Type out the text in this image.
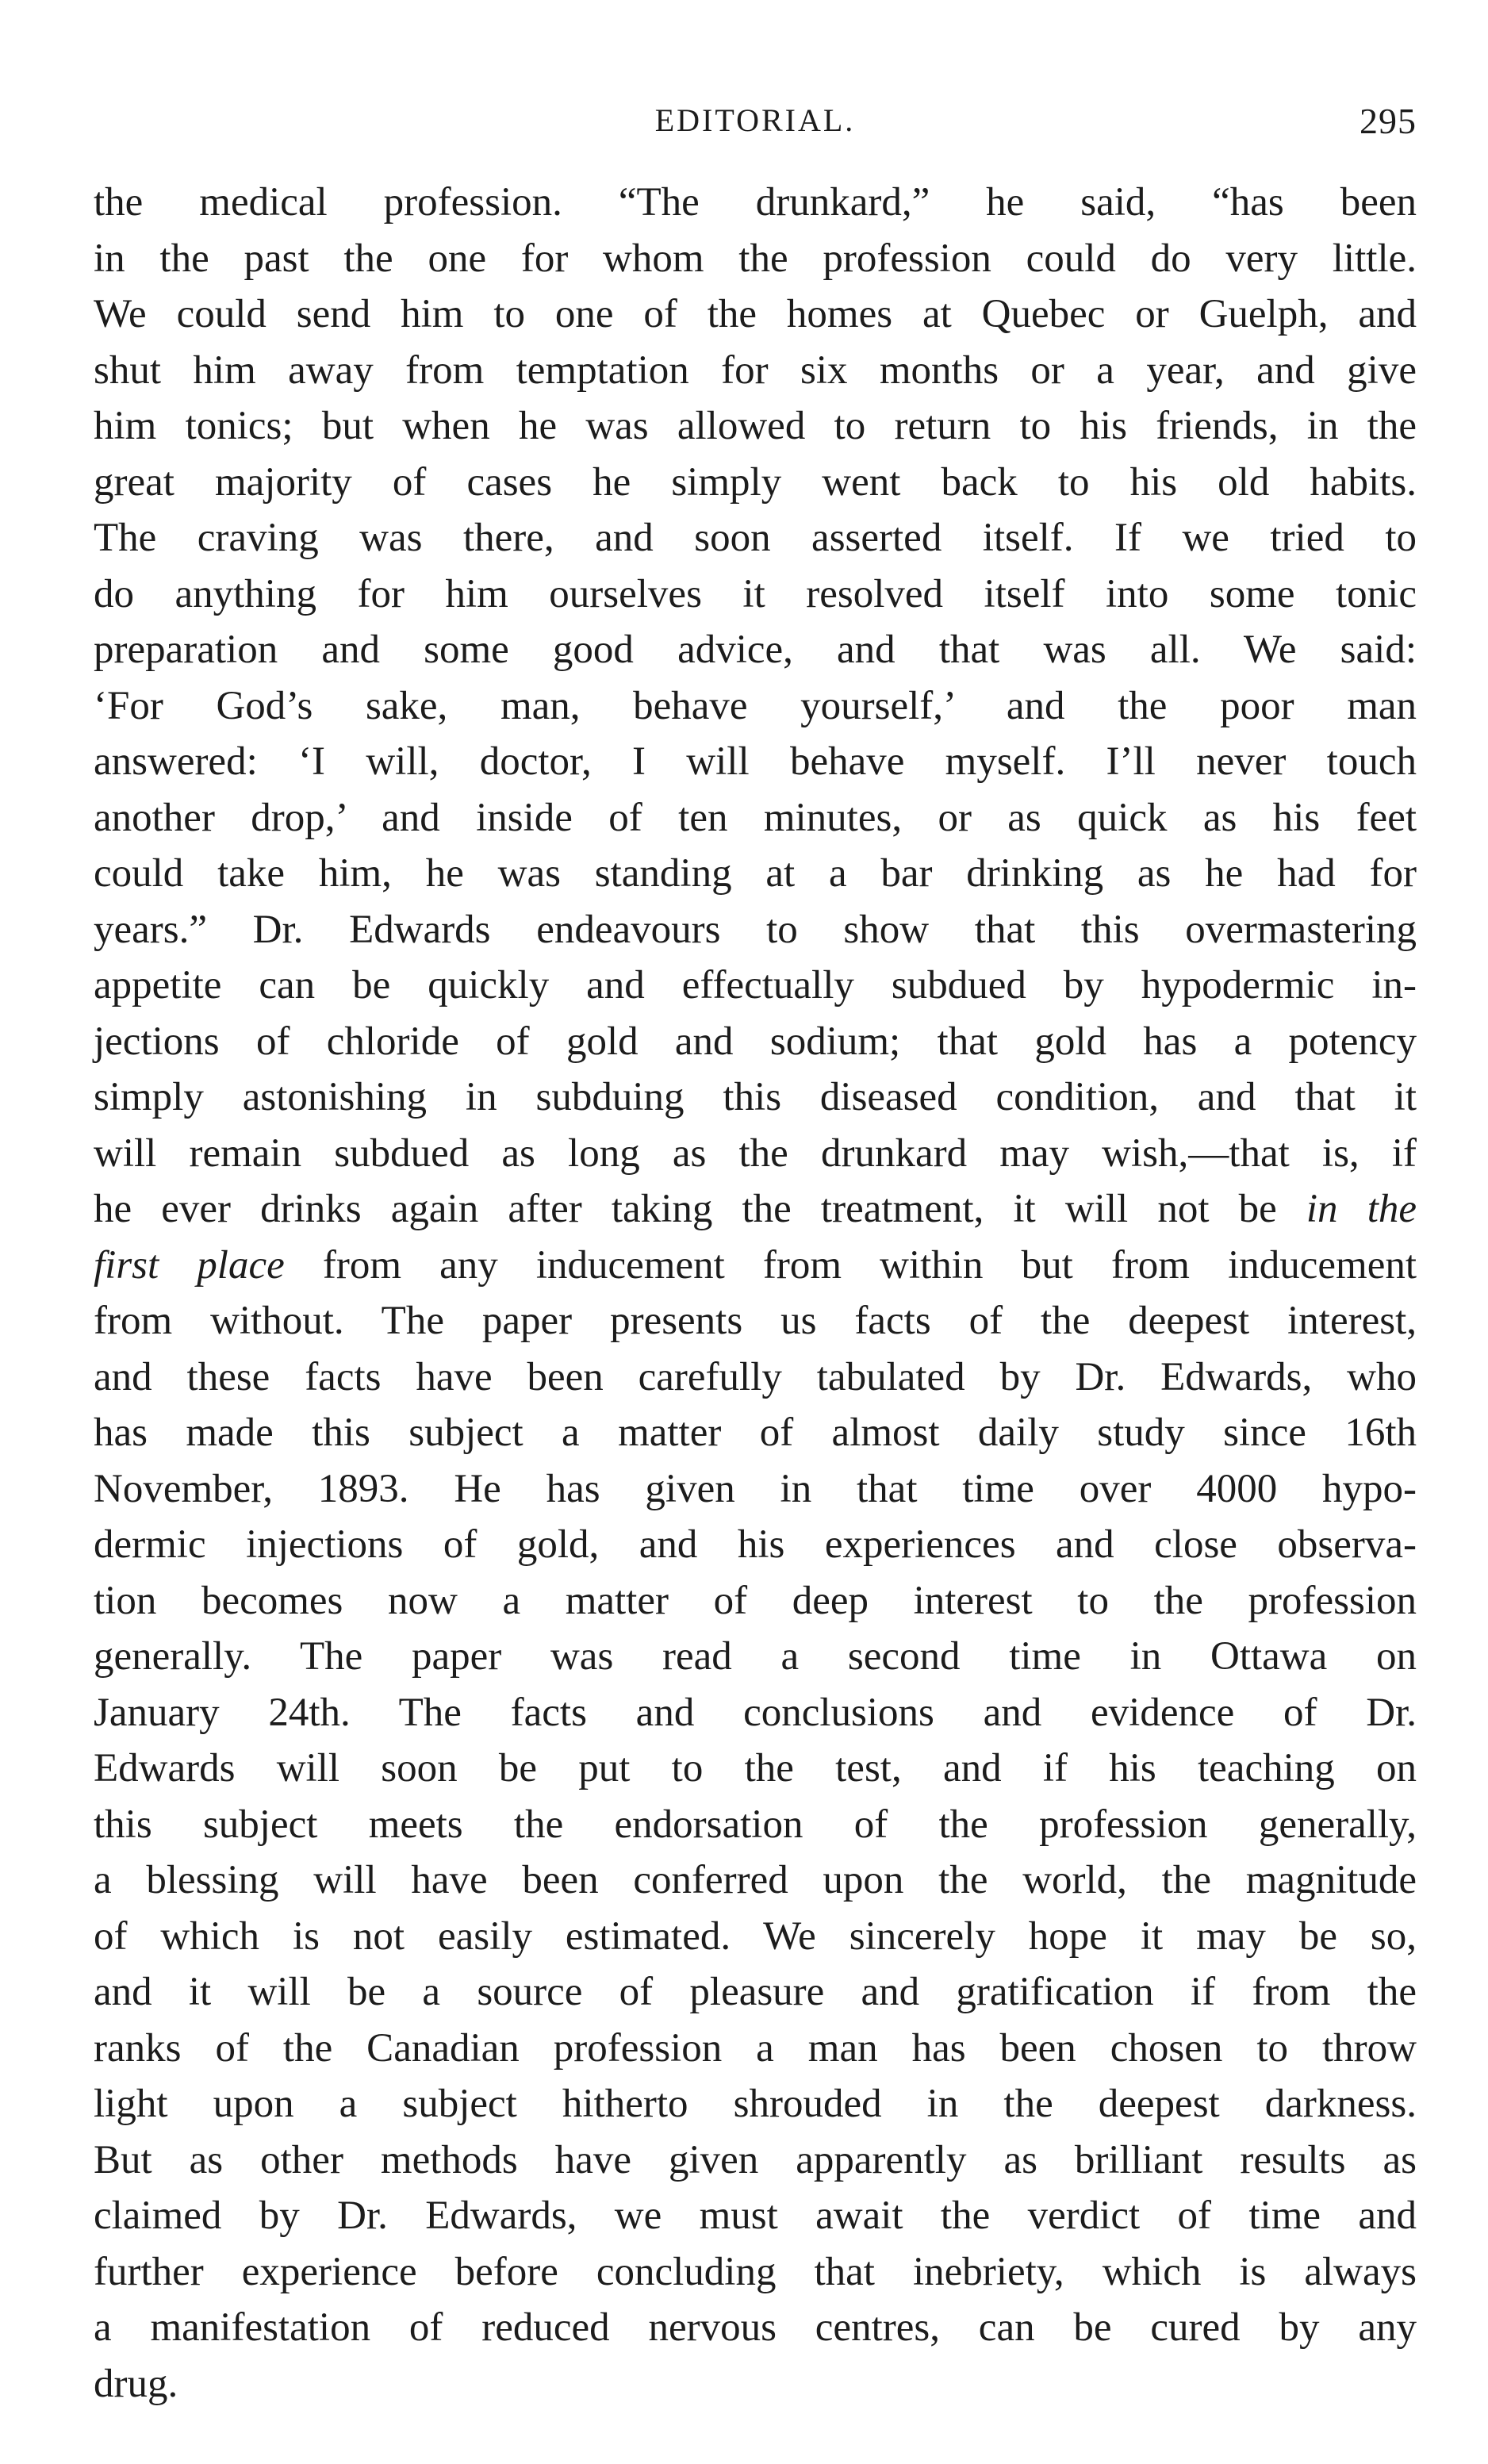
EDITORIAL.	295

the medical profession. “The drunkard,” he said, “has been
in the past the one for whom the profession could do very little.
We could send him to one of the homes at Quebec or Guelph, and
shut him away from temptation for six months or a year, and give
him tonics; but when he was allowed to return to his friends, in the
great majority of cases he simply went back to his old habits.
The craving was there, and soon asserted itself. If we tried to
do anything for him ourselves it resolved itself into some tonic
preparation and some good advice, and that was all. We said:
‘For God’s sake, man, behave yourself,’ and the poor man
answered: ‘I will, doctor, I will behave myself. I’ll never touch
another drop,’ and inside of ten minutes, or as quick as his feet
could take him, he was standing at a bar drinking as he had for
years.” Dr. Edwards endeavours to show that this overmastering
appetite can be quickly and effectually subdued by hypodermic in-
jections of chloride of gold and sodium; that gold has a potency
simply astonishing in subduing this diseased condition, and that it
will remain subdued as long as the drunkard may wish,—that is, if
he ever drinks again after taking the treatment, it will not be in the
first place from any inducement from within but from inducement
from without. The paper presents us facts of the deepest interest,
and these facts have been carefully tabulated by Dr. Edwards, who
has made this subject a matter of almost daily study since 16th
November, 1893. He has given in that time over 4000 hypo-
dermic injections of gold, and his experiences and close observa-
tion becomes now a matter of deep interest to the profession
generally. The paper was read a second time in Ottawa on
January 24th. The facts and conclusions and evidence of Dr.
Edwards will soon be put to the test, and if his teaching on
this subject meets the endorsation of the profession generally,
a blessing will have been conferred upon the world, the magnitude
of which is not easily estimated. We sincerely hope it may be so,
and it will be a source of pleasure and gratification if from the
ranks of the Canadian profession a man has been chosen to throw
light upon a subject hitherto shrouded in the deepest darkness.
But as other methods have given apparently as brilliant results as
claimed by Dr. Edwards, we must await the verdict of time and
further experience before concluding that inebriety, which is always
a manifestation of reduced nervous centres, can be cured by any
drug.
